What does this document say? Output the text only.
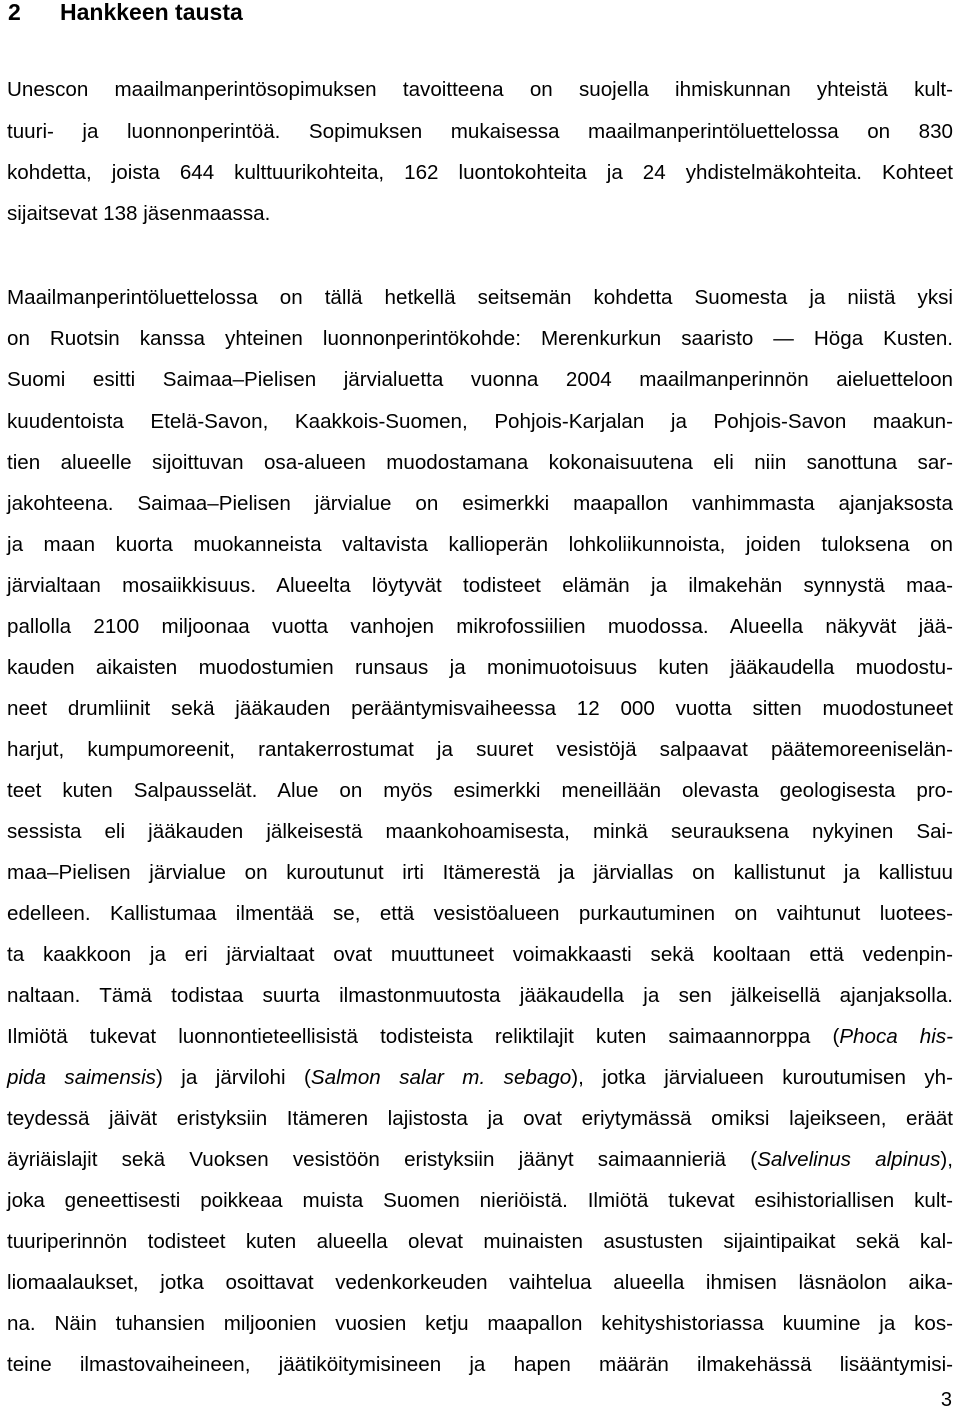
2 Hankkeen tausta
Unescon maailmanperintösopimuksen tavoitteena on suojella ihmiskunnan yhteistä kult-
tuuri- ja luonnonperintöä. Sopimuksen mukaisessa maailmanperintöluettelossa on 830
kohdetta, joista 644 kulttuurikohteita, 162 luontokohteita ja 24 yhdistelmäkohteita. Kohteet
sijaitsevat 138 jäsenmaassa.
Maailmanperintöluettelossa on tällä hetkellä seitsemän kohdetta Suomesta ja niistä yksi
on Ruotsin kanssa yhteinen luonnonperintökohde: Merenkurkun saaristo — Höga Kusten.
Suomi esitti Saimaa–Pielisen järvialuetta vuonna 2004 maailmanperinnön aieluetteloon
kuudentoista Etelä-Savon, Kaakkois-Suomen, Pohjois-Karjalan ja Pohjois-Savon maakun-
tien alueelle sijoittuvan osa-alueen muodostamana kokonaisuutena eli niin sanottuna sar-
jakohteena. Saimaa–Pielisen järvialue on esimerkki maapallon vanhimmasta ajanjaksosta
ja maan kuorta muokanneista valtavista kallioperän lohkoliikunnoista, joiden tuloksena on
järvialtaan mosaiikkisuus. Alueelta löytyvät todisteet elämän ja ilmakehän synnystä maa-
pallolla 2100 miljoonaa vuotta vanhojen mikrofossiilien muodossa. Alueella näkyvät jää-
kauden aikaisten muodostumien runsaus ja monimuotoisuus kuten jääkaudella muodostu-
neet drumliinit sekä jääkauden perääntymisvaiheessa 12 000 vuotta sitten muodostuneet
harjut, kumpumoreenit, rantakerrostumat ja suuret vesistöjä salpaavat päätemoreeniselän-
teet kuten Salpausselät. Alue on myös esimerkki meneillään olevasta geologisesta pro-
sessista eli jääkauden jälkeisestä maankohoamisesta, minkä seurauksena nykyinen Sai-
maa–Pielisen järvialue on kuroutunut irti Itämerestä ja järviallas on kallistunut ja kallistuu
edelleen. Kallistumaa ilmentää se, että vesistöalueen purkautuminen on vaihtunut luotees-
ta kaakkoon ja eri järvialtaat ovat muuttuneet voimakkaasti sekä kooltaan että vedenpin-
naltaan. Tämä todistaa suurta ilmastonmuutosta jääkaudella ja sen jälkeisellä ajanjaksolla.
Ilmiötä tukevat luonnontieteellisistä todisteista reliktilajit kuten saimaannorppa (Phoca his-
pida saimensis) ja järvilohi (Salmon salar m. sebago), jotka järvialueen kuroutumisen yh-
teydessä jäivät eristyksiin Itämeren lajistosta ja ovat eriytymässä omiksi lajeikseen, eräät
äyriäislajit sekä Vuoksen vesistöön eristyksiin jäänyt saimaannieriä (Salvelinus alpinus),
joka geneettisesti poikkeaa muista Suomen nieriöistä. Ilmiötä tukevat esihistoriallisen kult-
tuuriperinnön todisteet kuten alueella olevat muinaisten asustusten sijaintipaikat sekä kal-
liomaalaukset, jotka osoittavat vedenkorkeuden vaihtelua alueella ihmisen läsnäolon aika-
na. Näin tuhansien miljoonien vuosien ketju maapallon kehityshistoriassa kuumine ja kos-
teine ilmastovaiheineen, jäätiköitymisineen ja hapen määrän ilmakehässä lisääntymisi-
3
